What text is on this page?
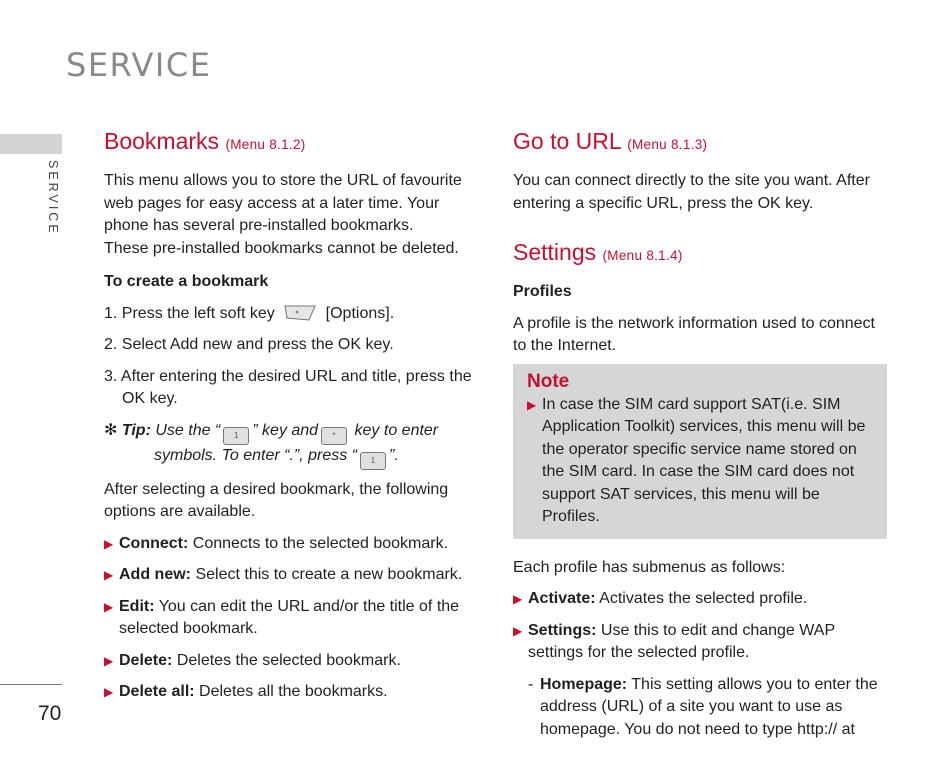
SERVICE
SERVICE
70
Bookmarks (Menu 8.1.2)

This menu allows you to store the URL of favourite web pages for easy access at a later time. Your phone has several pre-installed bookmarks.

These pre-installed bookmarks cannot be deleted.

To create a bookmark

1. Press the left soft key	[Options].

2. Select Add new and press the OK key.

3. After entering the desired URL and title, press the OK key.

✻ Tip: Use the “ 1 ” key and * key to enter symbols. To enter “.”, press “ 1 ”.

After selecting a desired bookmark, the following options are available.

▶ Connect: Connects to the selected bookmark.
▶ Add new: Select this to create a new bookmark.
▶ Edit: You can edit the URL and/or the title of the selected bookmark.
▶ Delete: Deletes the selected bookmark.
▶ Delete all: Deletes all the bookmarks.
Go to URL (Menu 8.1.3)

You can connect directly to the site you want. After entering a specific URL, press the OK key.

Settings (Menu 8.1.4)

Profiles

A profile is the network information used to connect to the Internet.

Note
▶ In case the SIM card support SAT(i.e. SIM Application Toolkit) services, this menu will be the operator specific service name stored on the SIM card. In case the SIM card does not support SAT services, this menu will be Profiles.

Each profile has submenus as follows:

▶ Activate: Activates the selected profile.
▶ Settings: Use this to edit and change WAP settings for the selected profile.
- Homepage: This setting allows you to enter the address (URL) of a site you want to use as homepage. You do not need to type http:// at
